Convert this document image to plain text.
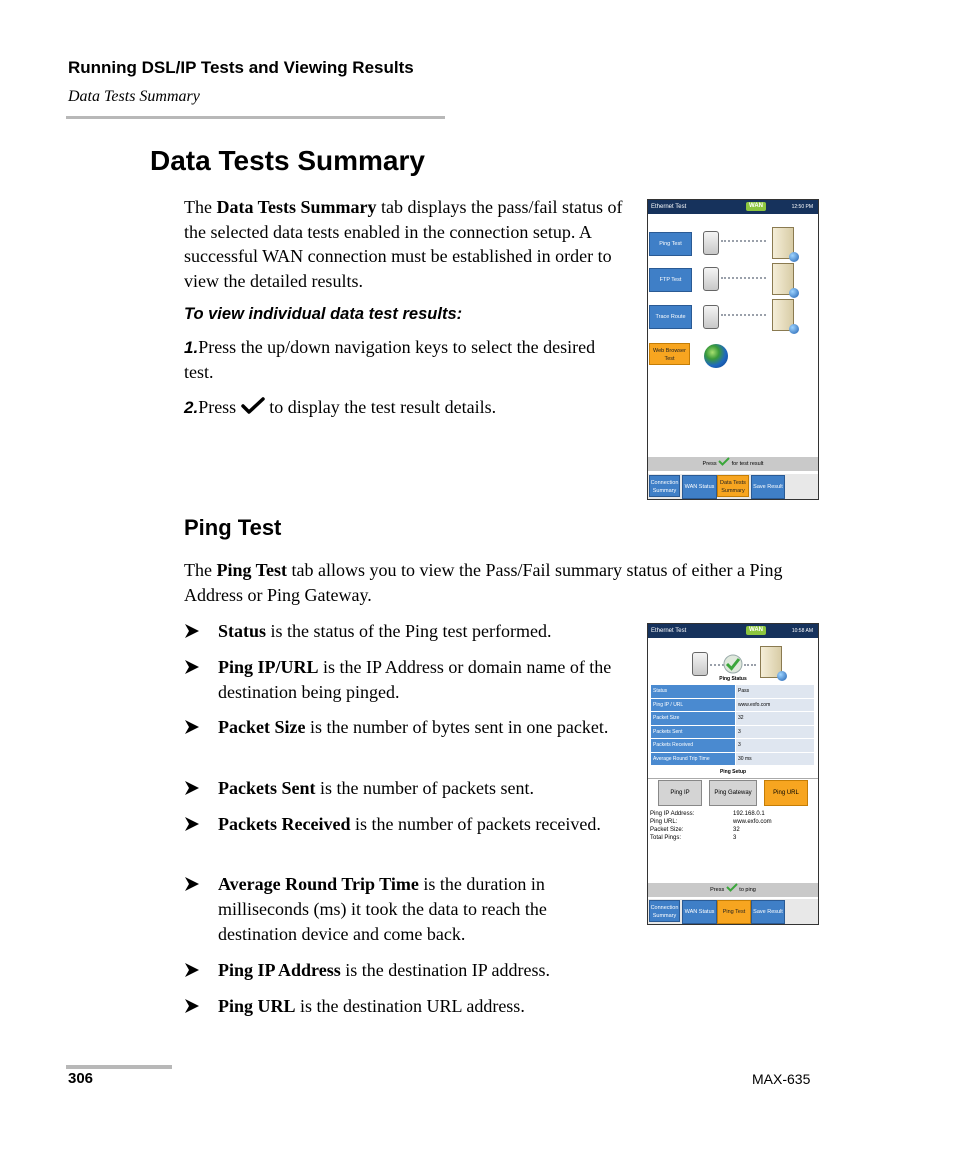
Running DSL/IP Tests and Viewing Results
Data Tests Summary
Data Tests Summary
The Data Tests Summary tab displays the pass/fail status of the selected data tests enabled in the connection setup. A successful WAN connection must be established in order to view the detailed results.
To view individual data test results:
1.Press the up/down navigation keys to select the desired test.
2.Press  to display the test result details.
Ethernet Test	WAN	12:50 PM
Ping Test
FTP Test
Trace Route Test
Web Browser Test
Press	for test result
Connection Summary
WAN Status
Data Tests Summary
Save Result
Ping Test
The Ping Test tab allows you to view the Pass/Fail summary status of either a Ping Address or Ping Gateway.
Status is the status of the Ping test performed.
Ping IP/URL is the IP Address or domain name of the destination being pinged.
Packet Size is the number of bytes sent in one packet.
Packets Sent is the number of packets sent.
Packets Received is the number of packets received.
Average Round Trip Time is the duration in milliseconds (ms) it took the data to reach the destination device and come back.
Ping IP Address is the destination IP address.
Ping URL is the destination URL address.
Ethernet Test	WAN	10:58 AM
Ping Status
Status	Pass
Ping IP / URL	www.exfo.com
Packet Size	32
Packets Sent	3
Packets Received	3
Average Round Trip Time	30 ms
Ping Setup
Ping IP	Ping Gateway	Ping URL
Ping IP Address:	192.168.0.1
Ping URL:	www.exfo.com
Packet Size:	32
Total Pings:	3
Press	to ping
Connection Summary
WAN Status	Ping Test	Save Result
306	MAX-635
